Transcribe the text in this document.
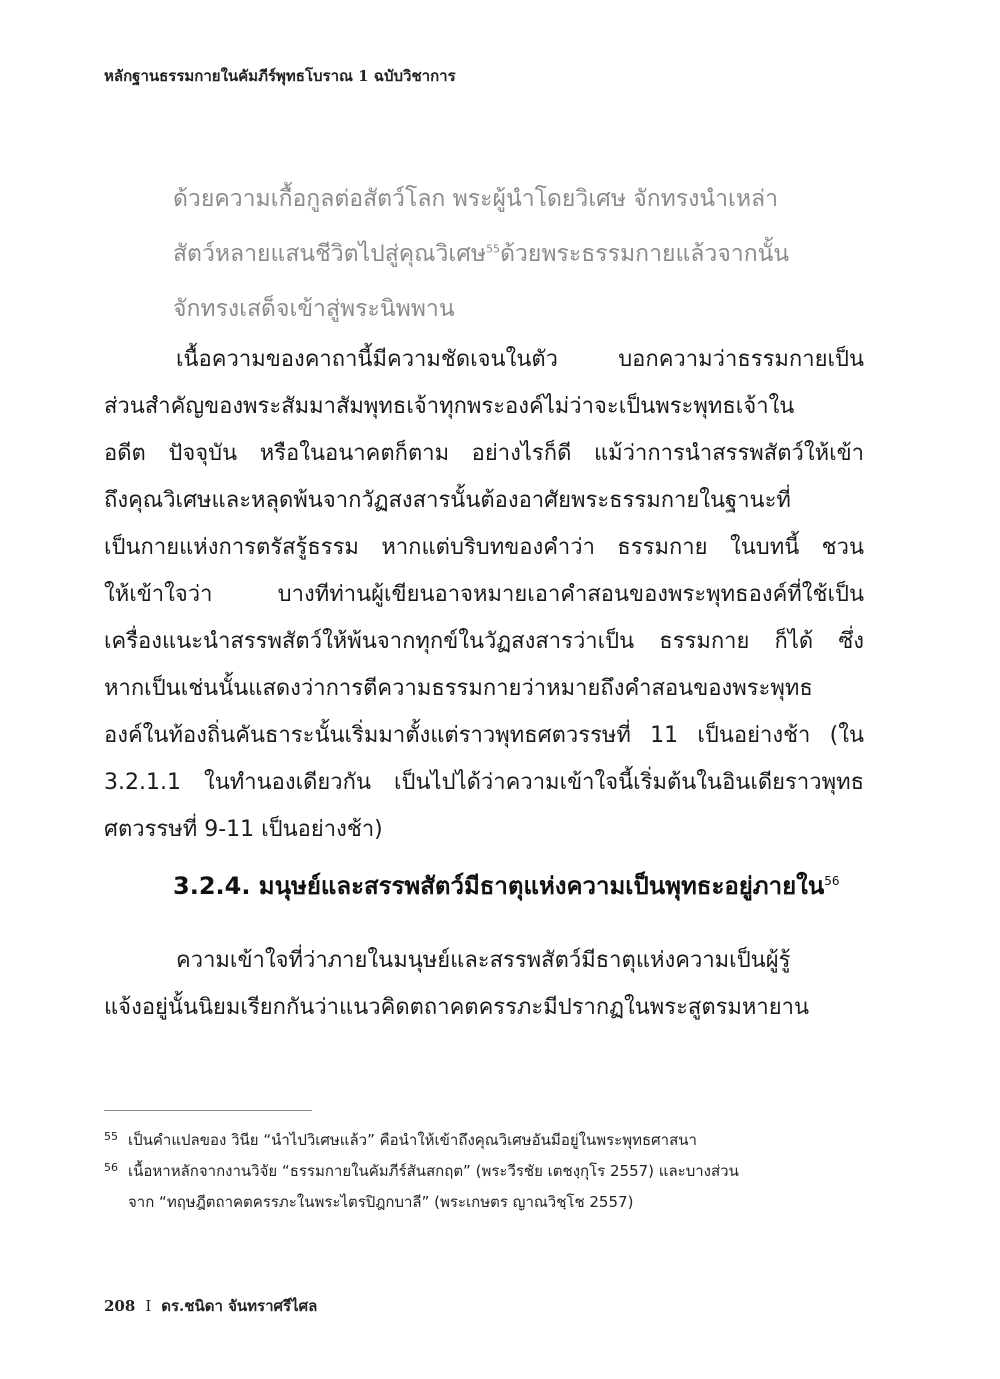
หลักฐานธรรมกายในคัมภีร์พุทธโบราณ 1 ฉบับวิชาการ
ด้วยความเกื้อกูลต่อสัตว์โลก พระผู้นำโดยวิเศษ จักทรงนำเหล่า
สัตว์หลายแสนชีวิตไปสู่คุณวิเศษ$^{55}$ด้วยพระธรรมกายแล้วจากนั้น
จักทรงเสด็จเข้าสู่พระนิพพาน
เนื้อความของคาถานี้มีความชัดเจนในตัว บอกความว่าธรรมกายเป็น
ส่วนสำคัญของพระสัมมาสัมพุทธเจ้าทุกพระองค์ไม่ว่าจะเป็นพระพุทธเจ้าใน
อดีต ปัจจุบัน หรือในอนาคตก็ตาม อย่างไรก็ดี แม้ว่าการนำสรรพสัตว์ให้เข้า
ถึงคุณวิเศษและหลุดพ้นจากวัฏสงสารนั้นต้องอาศัยพระธรรมกายในฐานะที่
เป็นกายแห่งการตรัสรู้ธรรม หากแต่บริบทของคำว่า ธรรมกาย ในบทนี้ ชวน
ให้เข้าใจว่า บางทีท่านผู้เขียนอาจหมายเอาคำสอนของพระพุทธองค์ที่ใช้เป็น
เครื่องแนะนำสรรพสัตว์ให้พ้นจากทุกข์ในวัฏสงสารว่าเป็น ธรรมกาย ก็ได้ ซึ่ง
หากเป็นเช่นนั้นแสดงว่าการตีความธรรมกายว่าหมายถึงคำสอนของพระพุทธ
องค์ในท้องถิ่นคันธาระนั้นเริ่มมาตั้งแต่ราวพุทธศตวรรษที่ 11 เป็นอย่างช้า (ใน
3.2.1.1 ในทำนองเดียวกัน เป็นไปได้ว่าความเข้าใจนี้เริ่มต้นในอินเดียราวพุทธ
ศตวรรษที่ 9-11 เป็นอย่างช้า)
3.2.4. มนุษย์และสรรพสัตว์มีธาตุแห่งความเป็นพุทธะอยู่ภายใน$^{56}$
ความเข้าใจที่ว่าภายในมนุษย์และสรรพสัตว์มีธาตุแห่งความเป็นผู้รู้
แจ้งอยู่นั้นนิยมเรียกกันว่าแนวคิดตถาคตครรภะมีปรากฏในพระสูตรมหายาน
55 เป็นคำแปลของ วินีย “นำไปวิเศษแล้ว” คือนำให้เข้าถึงคุณวิเศษอันมีอยู่ในพระพุทธศาสนา
56 เนื้อหาหลักจากงานวิจัย “ธรรมกายในคัมภีร์สันสกฤต” (พระวีรชัย เตชงฺกุโร 2557) และบางส่วน
จาก “ทฤษฎีตถาคตครรภะในพระไตรปิฎกบาลี” (พระเกษตร ญาณวิชฺโช 2557)
208 I ดร.ชนิดา จันทราศรีไศล
